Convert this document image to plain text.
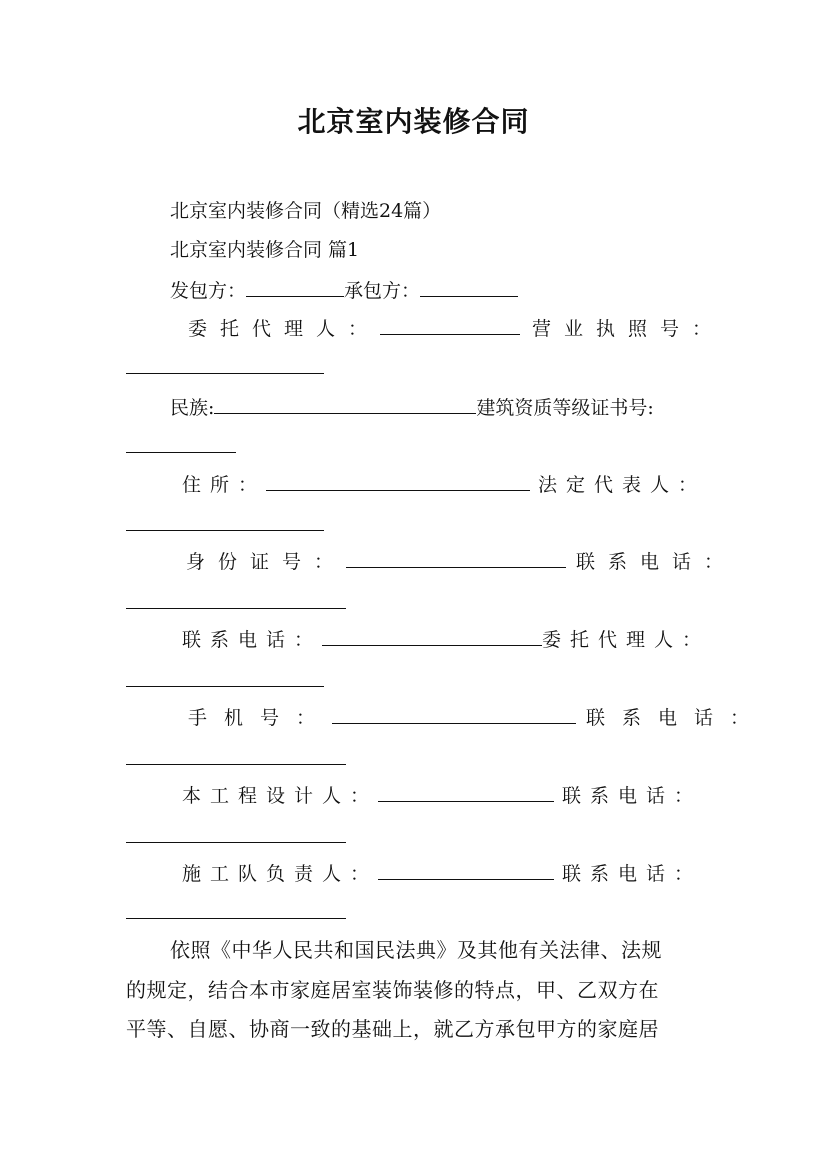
北京室内装修合同
北京室内装修合同（精选24篇）
北京室内装修合同 篇1
发包方：	承包方：
委托代理人：	营业执照号：
民族:	建筑资质等级证书号:
住所：	法定代表人：
身份证号：	联系电话：
联系电话：	委托代理人：
手机号：	联系电话：
本工程设计人：	联系电话：
施工队负责人：	联系电话：
依照《中华人民共和国民法典》及其他有关法律、法规
的规定，结合本市家庭居室装饰装修的特点，甲、乙双方在
平等、自愿、协商一致的基础上，就乙方承包甲方的家庭居
